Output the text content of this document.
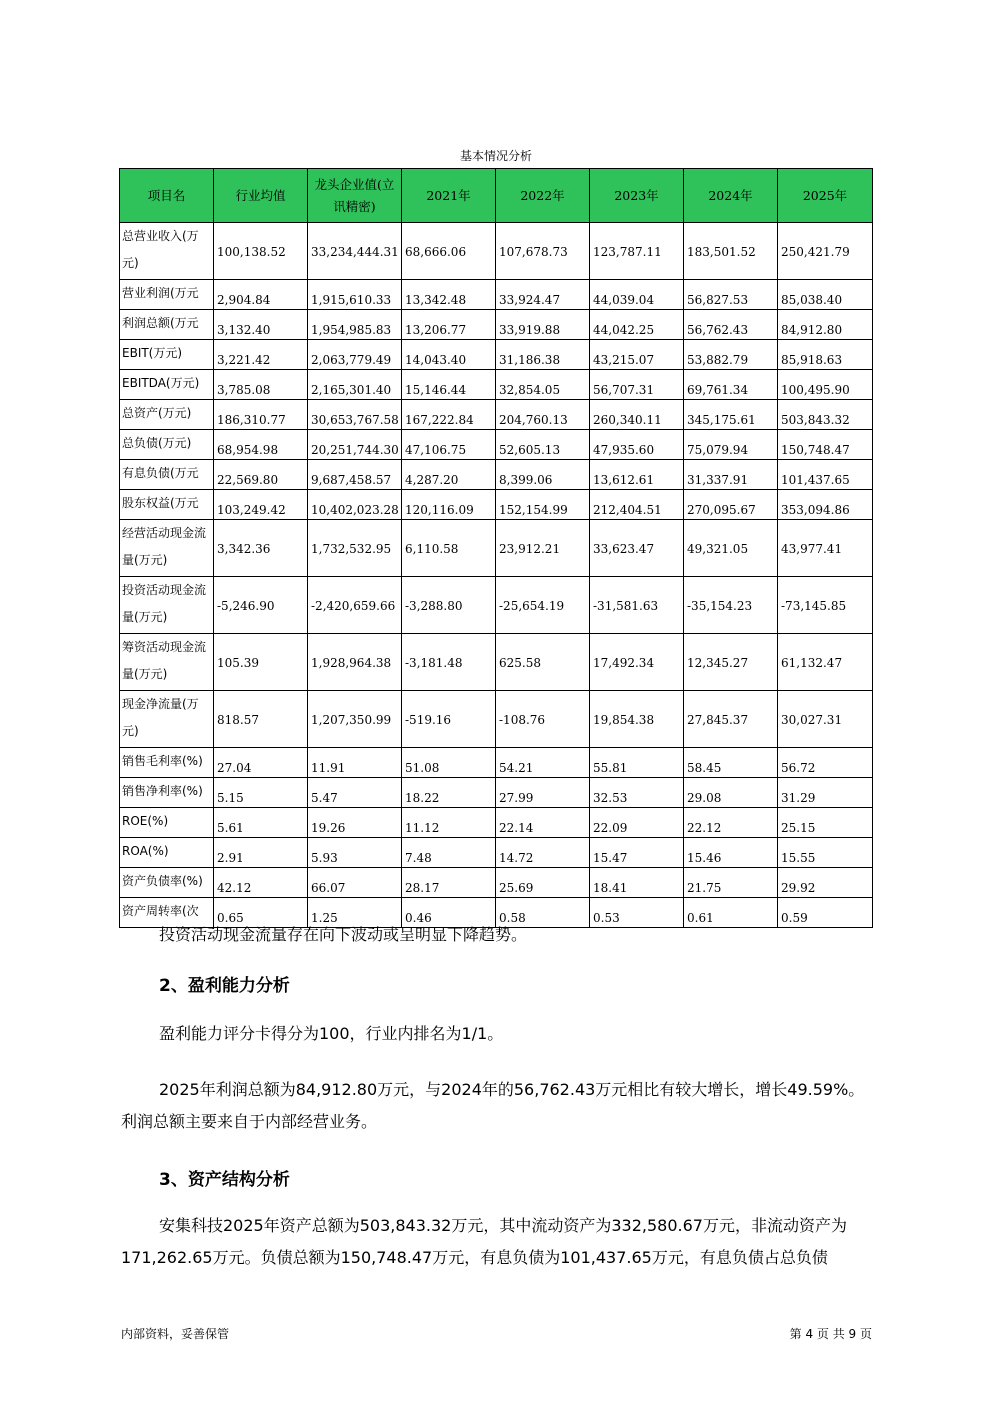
基本情况分析
项目名	行业均值	龙头企业值(立讯精密)	2021年	2022年	2023年	2024年	2025年
总营业收入(万元)	100,138.52	33,234,444.31	68,666.06	107,678.73	123,787.11	183,501.52	250,421.79
营业利润(万元	2,904.84	1,915,610.33	13,342.48	33,924.47	44,039.04	56,827.53	85,038.40
利润总额(万元	3,132.40	1,954,985.83	13,206.77	33,919.88	44,042.25	56,762.43	84,912.80
EBIT(万元)	3,221.42	2,063,779.49	14,043.40	31,186.38	43,215.07	53,882.79	85,918.63
EBITDA(万元)	3,785.08	2,165,301.40	15,146.44	32,854.05	56,707.31	69,761.34	100,495.90
总资产(万元)	186,310.77	30,653,767.58	167,222.84	204,760.13	260,340.11	345,175.61	503,843.32
总负债(万元)	68,954.98	20,251,744.30	47,106.75	52,605.13	47,935.60	75,079.94	150,748.47
有息负债(万元	22,569.80	9,687,458.57	4,287.20	8,399.06	13,612.61	31,337.91	101,437.65
股东权益(万元	103,249.42	10,402,023.28	120,116.09	152,154.99	212,404.51	270,095.67	353,094.86
经营活动现金流量(万元)	3,342.36	1,732,532.95	6,110.58	23,912.21	33,623.47	49,321.05	43,977.41
投资活动现金流量(万元)	-5,246.90	-2,420,659.66	-3,288.80	-25,654.19	-31,581.63	-35,154.23	-73,145.85
筹资活动现金流量(万元)	105.39	1,928,964.38	-3,181.48	625.58	17,492.34	12,345.27	61,132.47
现金净流量(万元)	818.57	1,207,350.99	-519.16	-108.76	19,854.38	27,845.37	30,027.31
销售毛利率(%)	27.04	11.91	51.08	54.21	55.81	58.45	56.72
销售净利率(%)	5.15	5.47	18.22	27.99	32.53	29.08	31.29
ROE(%)	5.61	19.26	11.12	22.14	22.09	22.12	25.15
ROA(%)	2.91	5.93	7.48	14.72	15.47	15.46	15.55
资产负债率(%)	42.12	66.07	28.17	25.69	18.41	21.75	29.92
资产周转率(次	0.65	1.25	0.46	0.58	0.53	0.61	0.59
投资活动现金流量存在向下波动或呈明显下降趋势。
2、盈利能力分析
盈利能力评分卡得分为100，行业内排名为1/1。
2025年利润总额为84,912.80万元，与2024年的56,762.43万元相比有较大增长，增长49.59%。利润总额主要来自于内部经营业务。
3、资产结构分析
安集科技2025年资产总额为503,843.32万元，其中流动资产为332,580.67万元，非流动资产为171,262.65万元。负债总额为150,748.47万元，有息负债为101,437.65万元，有息负债占总负债
内部资料，妥善保管	第 4 页 共 9 页
